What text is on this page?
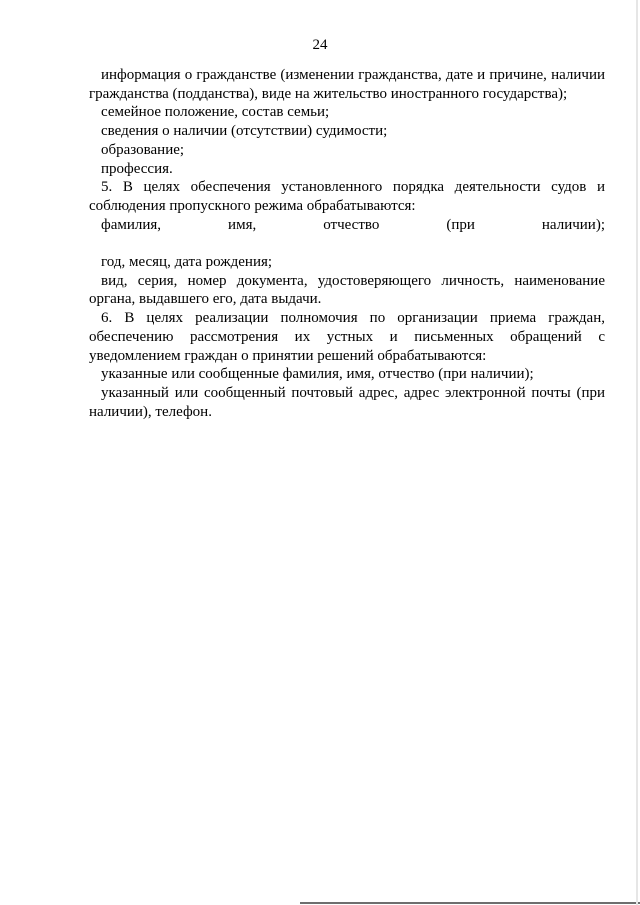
24

информация о гражданстве (изменении гражданства, дате и причине, наличии гражданства (подданства), виде на жительство иностранного государства);

семейное положение, состав семьи;

сведения о наличии (отсутствии) судимости;

образование;

профессия.

5. В целях обеспечения установленного порядка деятельности судов и соблюдения пропускного режима обрабатываются:

фамилия, имя, отчество (при наличии);

год, месяц, дата рождения;

вид, серия, номер документа, удостоверяющего личность, наименование органа, выдавшего его, дата выдачи.

6. В целях реализации полномочия по организации приема граждан, обеспечению рассмотрения их устных и письменных обращений с уведомлением граждан о принятии решений обрабатываются:

указанные или сообщенные фамилия, имя, отчество (при наличии);

указанный или сообщенный почтовый адрес, адрес электронной почты (при наличии), телефон.
